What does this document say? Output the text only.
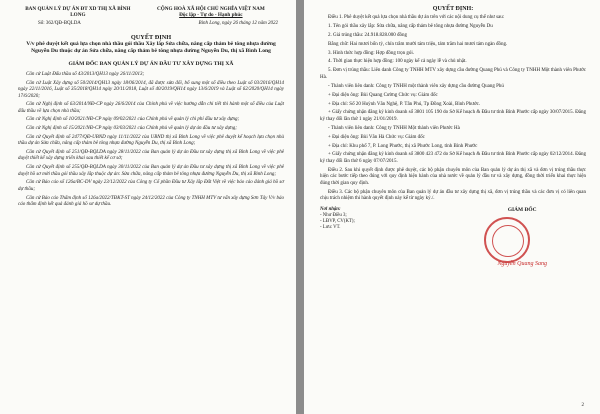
BAN QUẢN LÝ DỰ ÁN ĐT XD THỊ XÃ BÌNH LONG
CỘNG HOÀ XÃ HỘI CHỦ NGHĨA VIỆT NAM
Độc lập - Tự do - Hạnh phúc
Số: 362/QĐ-BQLDA	Bình Long, ngày 26 tháng 12 năm 2022
QUYẾT ĐỊNH
V/v phê duyệt kết quả lựa chọn nhà thầu gói thầu Xây lắp Sửa chữa, nâng cấp thảm bê tông nhựa đường Nguyễn Du thuộc dự án Sửa chữa, nâng cấp thảm bê tông nhựa đường Nguyễn Du, thị xã Bình Long
GIÁM ĐỐC BAN QUẢN LÝ DỰ ÁN ĐẦU TƯ XÂY DỰNG THỊ XÃ

Căn cứ Luật Đấu thầu số 43/2013/QH13 ngày 26/11/2013;

Căn cứ Luật Xây dựng số 50/2014/QH13 ngày 18/06/2014, đã được sửa đổi, bổ sung một số điều theo Luật số 03/2016/QH14 ngày 22/11/2016, Luật số 35/2018/QH14 ngày 20/11/2018, Luật số 40/2019/QH14 ngày 13/6/2019 và Luật số 62/2020/QH14 ngày 17/6/2020;

Căn cứ Nghị định số 63/2014/NĐ-CP ngày 26/6/2014 của Chính phủ về việc hướng dẫn chi tiết thi hành một số điều của Luật đấu thầu về lựa chọn nhà thầu;

Căn cứ Nghị định số 10/2021/NĐ-CP ngày 09/02/2021 của Chính phủ về quản lý chi phí đầu tư xây dựng;

Căn cứ Nghị định số 15/2021/NĐ-CP ngày 03/03/2021 của Chính phủ về quản lý dự án đầu tư xây dựng;

Căn cứ Quyết định số 2477/QĐ-UBND ngày 11/11/2022 của UBND thị xã Bình Long về việc phê duyệt kế hoạch lựa chọn nhà thầu dự án Sửa chữa, nâng cấp thảm bê tông nhựa đường Nguyễn Du, thị xã Bình Long;

Căn cứ Quyết định số 251/QĐ-BQLDA ngày 28/11/2022 của Ban quản lý dự án Đầu tư xây dựng thị xã Bình Long về việc phê duyệt thiết kế xây dựng triển khai sau thiết kế cơ sở;

Căn cứ Quyết định số 255/QĐ-BQLDA ngày 30/11/2022 của Ban quản lý dự án Đầu tư xây dựng thị xã Bình Long về việc phê duyệt hồ sơ mời thầu gói thầu xây lắp thuộc dự án: Sửa chữa, nâng cấp thảm bê tông nhựa đường Nguyễn Du, thị xã Bình Long;

Căn cứ Báo cáo số 126a/BC-DV ngày 23/12/2022 của Công ty Cổ phần Đầu tư Xây lắp Đất Việt về việc báo cáo đánh giá hồ sơ dự thầu;

Căn cứ Báo cáo Thẩm định số 126a/2022/TĐKT-ST ngày 24/12/2022 của Công ty TNHH MTV tư vấn xây dựng Sơn Tây V/v báo cáo thẩm định kết quả đánh giá hồ sơ dự thầu.

QUYẾT ĐỊNH:

Điều 1. Phê duyệt kết quả lựa chọn nhà thầu dự án trên với các nội dung cụ thể như sau:

1. Tên gói thầu xây lắp: Sửa chữa, nâng cấp thảm bê tông nhựa đường Nguyễn Du

2. Giá trúng thầu: 24.918.828.000 đồng

Bằng chữ: Hai mươi bốn tỷ, chín trăm mười tám triệu, tám trăm hai mươi tám ngàn đồng.

3. Hình thức hợp đồng: Hợp đồng trọn gói.

4. Thời gian thực hiện hợp đồng: 100 ngày kể cả ngày lễ và chủ nhật.

5. Đơn vị trúng thầu: Liên danh Công ty TNHH MTV xây dựng cầu đường Quang Phú và Công ty TNHH Một thành viên Phước Hà.

- Thành viên liên danh: Công ty TNHH một thành viên xây dựng cầu đường Quang Phú

+ Đại diện ông: Bùi Quang Cường Chức vụ: Giám đốc

+ Địa chỉ: Số 20 Huỳnh Văn Nghệ, P. Tân Phú, Tp Đồng Xoài, Bình Phước.

+ Giấy chứng nhận đăng ký kinh doanh số 3801 105 190 do Sở Kế hoạch & Đầu tư tỉnh Bình Phước cấp ngày 30/07/2015. Đăng ký thay đổi lần thứ 1 ngày 21/01/2019.

- Thành viên liên danh: Công ty TNHH Một thành viên Phước Hà

+ Đại diện ông: Bùi Văn Hà Chức vụ: Giám đốc

+ Địa chỉ: Khu phố 7, P. Long Phước, thị xã Phước Long, tỉnh Bình Phước

+ Giấy chứng nhận đăng ký kinh doanh số 3800 423 472 do Sở Kế hoạch & Đầu tư tỉnh Bình Phước cấp ngày 02/12/2014. Đăng ký thay đổi lần thứ 6 ngày 07/07/2015.

Điều 2. Sau khi quyết định được phê duyệt, các bộ phận chuyên môn của Ban quản lý dự án thị xã và đơn vị trúng thầu thực hiện các bước tiếp theo đúng với quy định hiện hành của nhà nước về quản lý đầu tư và xây dựng, đồng thời triển khai thực hiện đúng thời gian quy định.

Điều 3. Các bộ phận chuyên môn của Ban quản lý dự án đầu tư xây dựng thị xã, đơn vị trúng thầu và các đơn vị có liên quan chịu trách nhiệm thi hành quyết định này kể từ ngày ký./.

Nơi nhận:
- Như Điều 3;
- LĐVP, CV(KT);
- Lưu: VT.
GIÁM ĐỐC
Nguyễn Quang Sang
2
